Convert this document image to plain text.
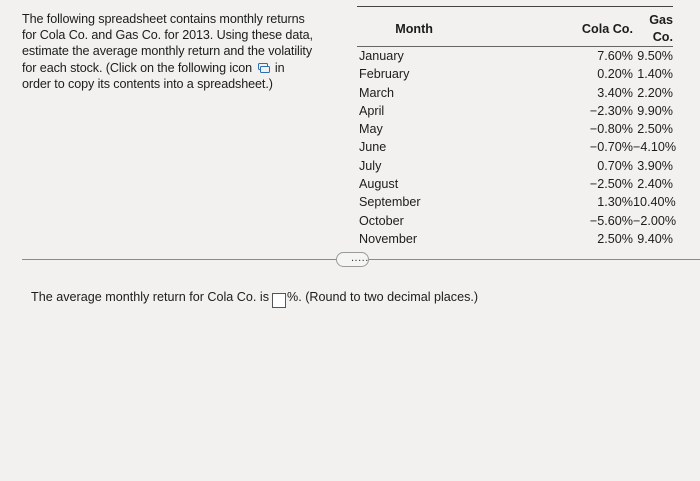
The following spreadsheet contains monthly returns
for Cola Co. and Gas Co. for 2013. Using these data,
estimate the average monthly return and the volatility
for each stock. (Click on the following icon in
order to copy its contents into a spreadsheet.)
Month	Cola Co.	Gas Co.
January	7.60%	9.50%
February	0.20%	1.40%
March	3.40%	2.20%
April	−2.30%	9.90%
May	−0.80%	2.50%
June	−0.70%	−4.10%
July	0.70%	3.90%
August	−2.50%	2.40%
September	1.30%	10.40%
October	−5.60%	−2.00%
November	2.50%	9.40%
.....
The average monthly return for Cola Co. is %. (Round to two decimal places.)
